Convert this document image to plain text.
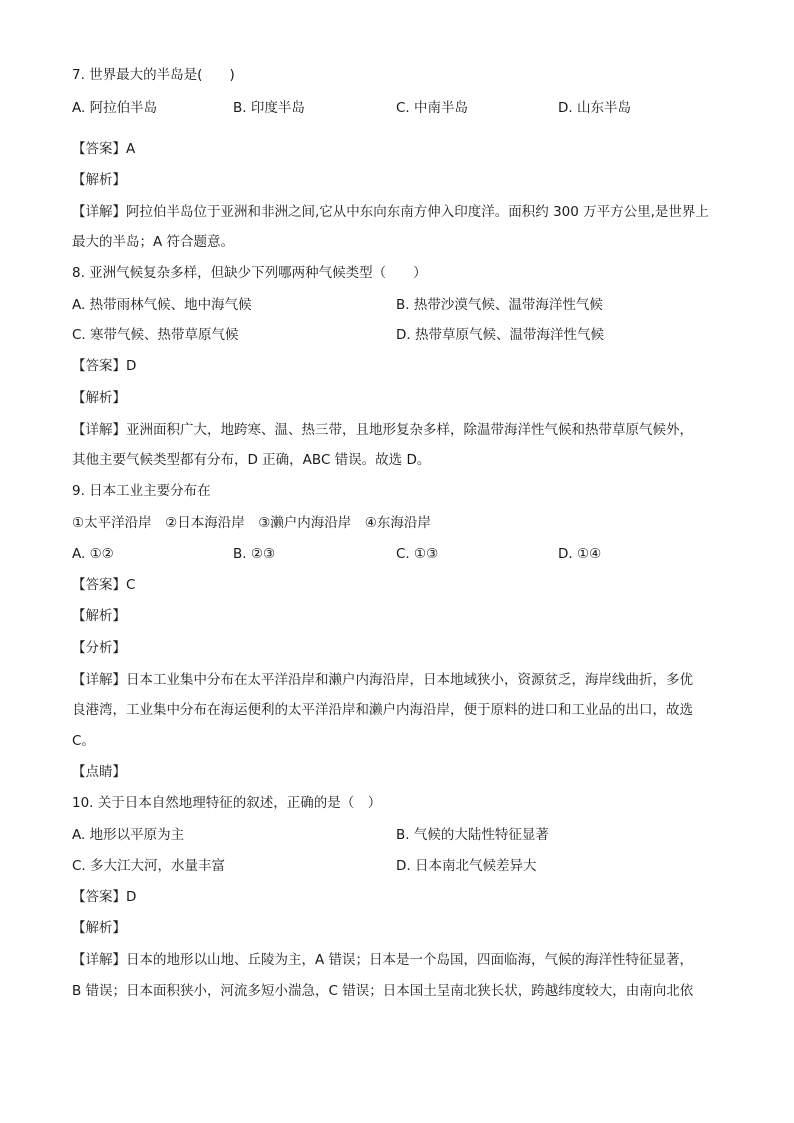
7. 世界最大的半岛是(　　)
A. 阿拉伯半岛	B. 印度半岛	C. 中南半岛	D. 山东半岛
【答案】A
【解析】
【详解】阿拉伯半岛位于亚洲和非洲之间,它从中东向东南方伸入印度洋。面积约 300 万平方公里,是世界上
最大的半岛；A 符合题意。
8. 亚洲气候复杂多样，但缺少下列哪两种气候类型（　　）
A. 热带雨林气候、地中海气候	B. 热带沙漠气候、温带海洋性气候
C. 寒带气候、热带草原气候	D. 热带草原气候、温带海洋性气候
【答案】D
【解析】
【详解】亚洲面积广大，地跨寒、温、热三带，且地形复杂多样，除温带海洋性气候和热带草原气候外，
其他主要气候类型都有分布，D 正确，ABC 错误。故选 D。
9. 日本工业主要分布在
①太平洋沿岸　②日本海沿岸　③濑户内海沿岸　④东海沿岸
A. ①②	B. ②③	C. ①③	D. ①④
【答案】C
【解析】
【分析】
【详解】日本工业集中分布在太平洋沿岸和濑户内海沿岸，日本地域狭小，资源贫乏，海岸线曲折，多优
良港湾，工业集中分布在海运便利的太平洋沿岸和濑户内海沿岸，便于原料的进口和工业品的出口，故选
C。
【点睛】
10. 关于日本自然地理特征的叙述，正确的是（　）
A. 地形以平原为主	B. 气候的大陆性特征显著
C. 多大江大河，水量丰富	D. 日本南北气候差异大
【答案】D
【解析】
【详解】日本的地形以山地、丘陵为主，A 错误；日本是一个岛国，四面临海，气候的海洋性特征显著，
B 错误；日本面积狭小，河流多短小湍急，C 错误；日本国土呈南北狭长状，跨越纬度较大，由南向北依
